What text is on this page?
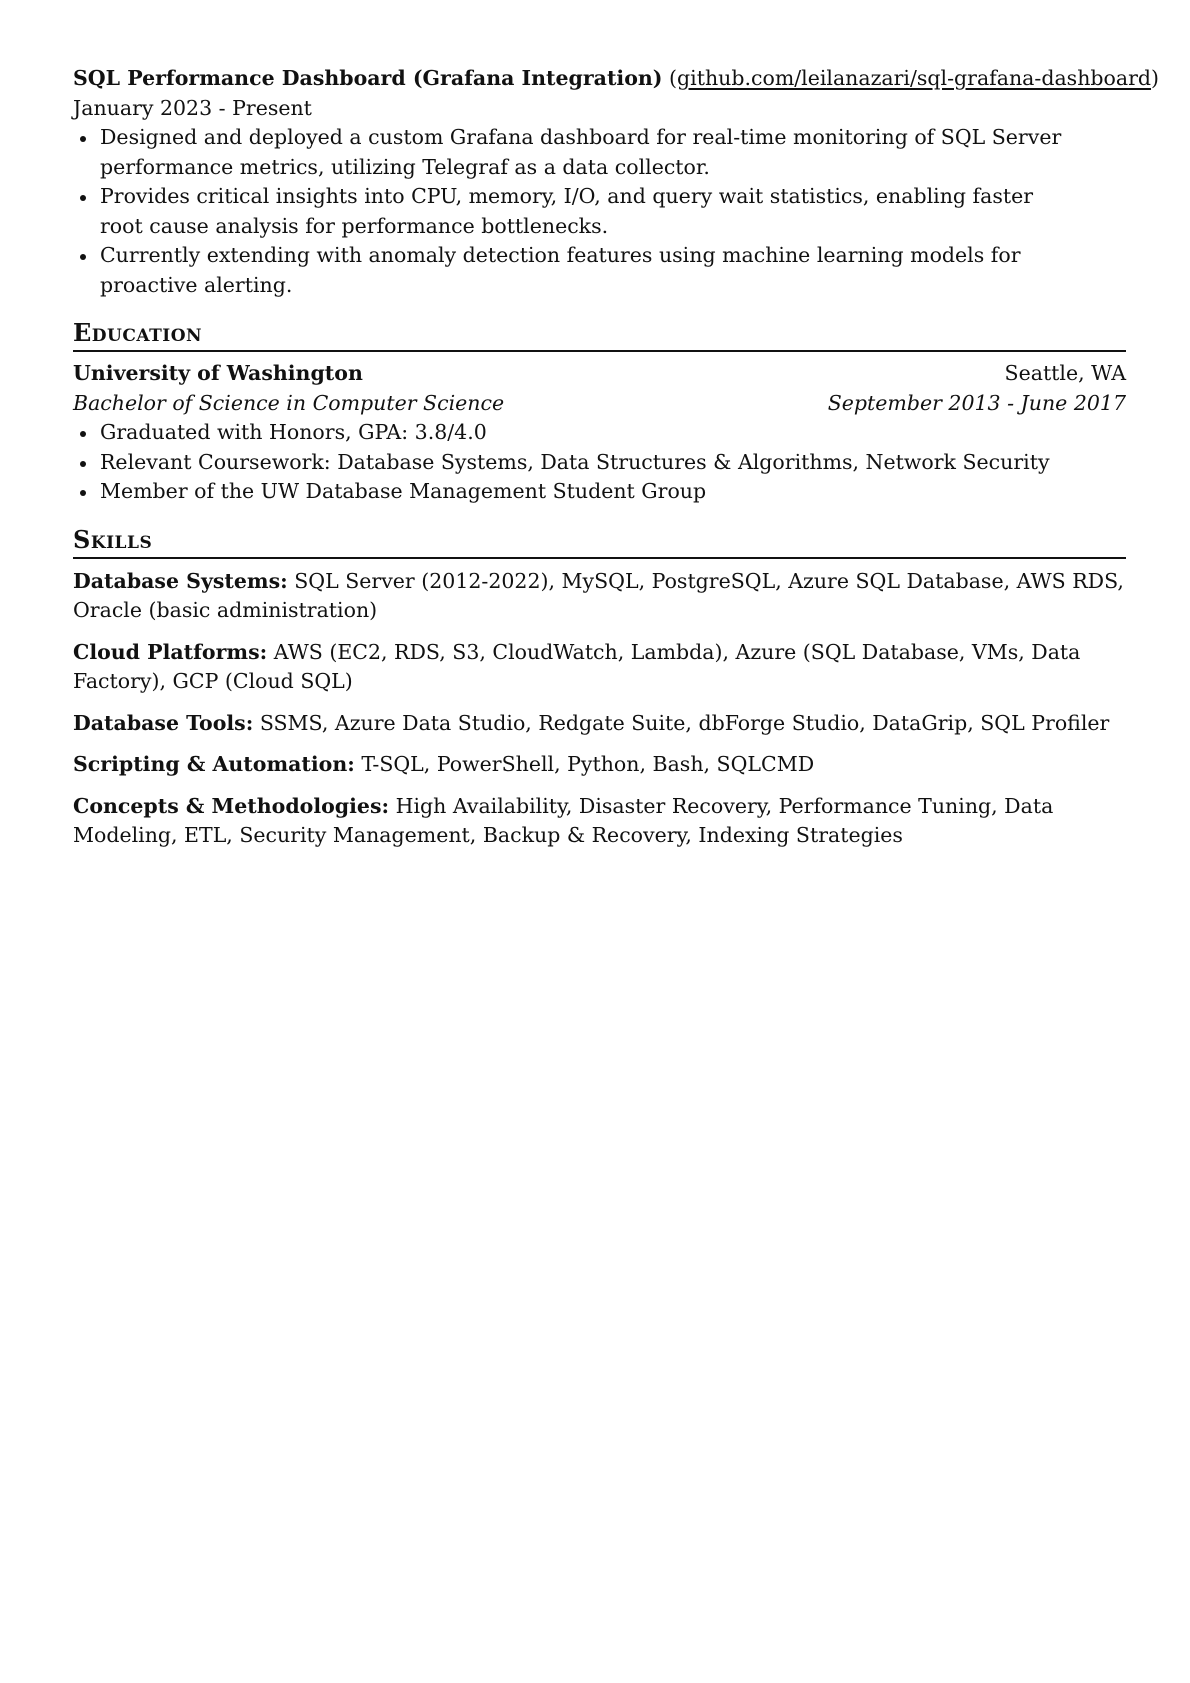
SQL Performance Dashboard (Grafana Integration) (github.com/leilanazari/sql-grafana-dashboard)
January 2023 - Present
Designed and deployed a custom Grafana dashboard for real-time monitoring of SQL Server performance metrics, utilizing Telegraf as a data collector.
Provides critical insights into CPU, memory, I/O, and query wait statistics, enabling faster root cause analysis for performance bottlenecks.
Currently extending with anomaly detection features using machine learning models for proactive alerting.
Education
University of Washington	Seattle, WA
Bachelor of Science in Computer Science	September 2013 - June 2017
Graduated with Honors, GPA: 3.8/4.0
Relevant Coursework: Database Systems, Data Structures & Algorithms, Network Security
Member of the UW Database Management Student Group
Skills
Database Systems: SQL Server (2012-2022), MySQL, PostgreSQL, Azure SQL Database, AWS RDS, Oracle (basic administration)
Cloud Platforms: AWS (EC2, RDS, S3, CloudWatch, Lambda), Azure (SQL Database, VMs, Data Factory), GCP (Cloud SQL)
Database Tools: SSMS, Azure Data Studio, Redgate Suite, dbForge Studio, DataGrip, SQL Profiler
Scripting & Automation: T-SQL, PowerShell, Python, Bash, SQLCMD
Concepts & Methodologies: High Availability, Disaster Recovery, Performance Tuning, Data Modeling, ETL, Security Management, Backup & Recovery, Indexing Strategies
